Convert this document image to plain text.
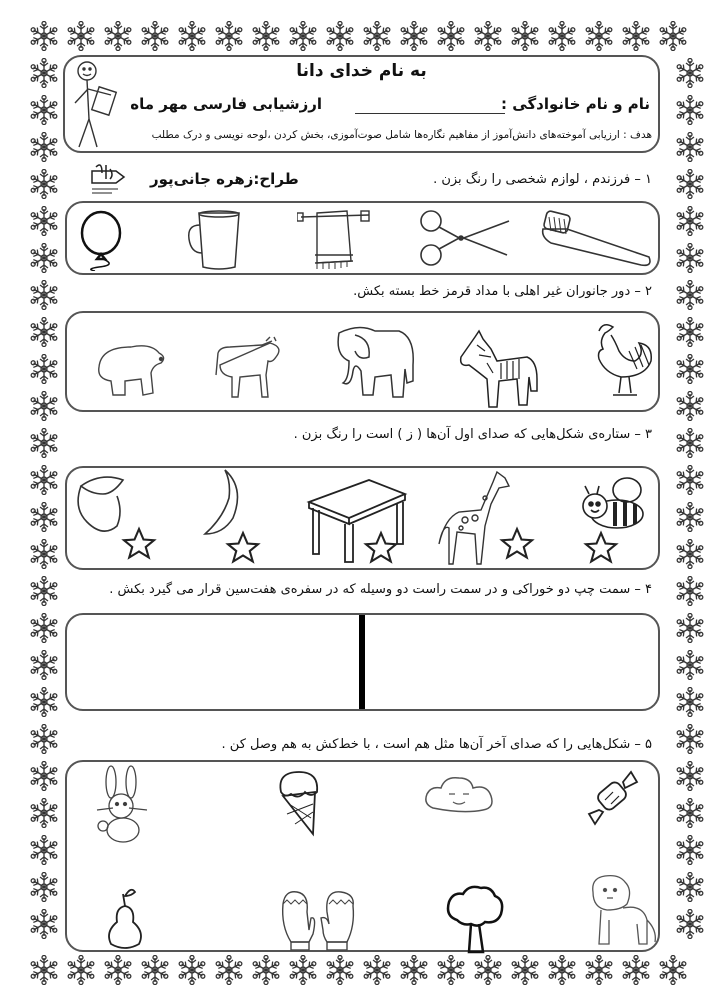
به نام خدای دانا
نام و نام خانوادگی :
ارزشیابی فارسی مهر ماه
هدف : ارزیابی آموخته‌های دانش‌آموز از مفاهیم نگاره‌ها شامل صوت‌آموزی، بخش کردن ،لوحه نویسی و درک مطلب
طراح:زهره جانی‌پور	۱ – فرزندم ، لوازم شخصی را رنگ بزن .
۲ – دور جانوران غیر اهلی با مداد قرمز خط بسته بکش.
۳ – ستاره‌ی شکل‌هایی که صدای اول آن‌ها ( ز ) است را رنگ بزن .
۴ – سمت چپ دو خوراکی و در سمت راست دو وسیله که در سفره‌ی هفت‌سین قرار می گیرد بکش .
۵ – شکل‌هایی را که صدای آخر آن‌ها مثل هم است ، با خط‌کش به هم وصل کن .
